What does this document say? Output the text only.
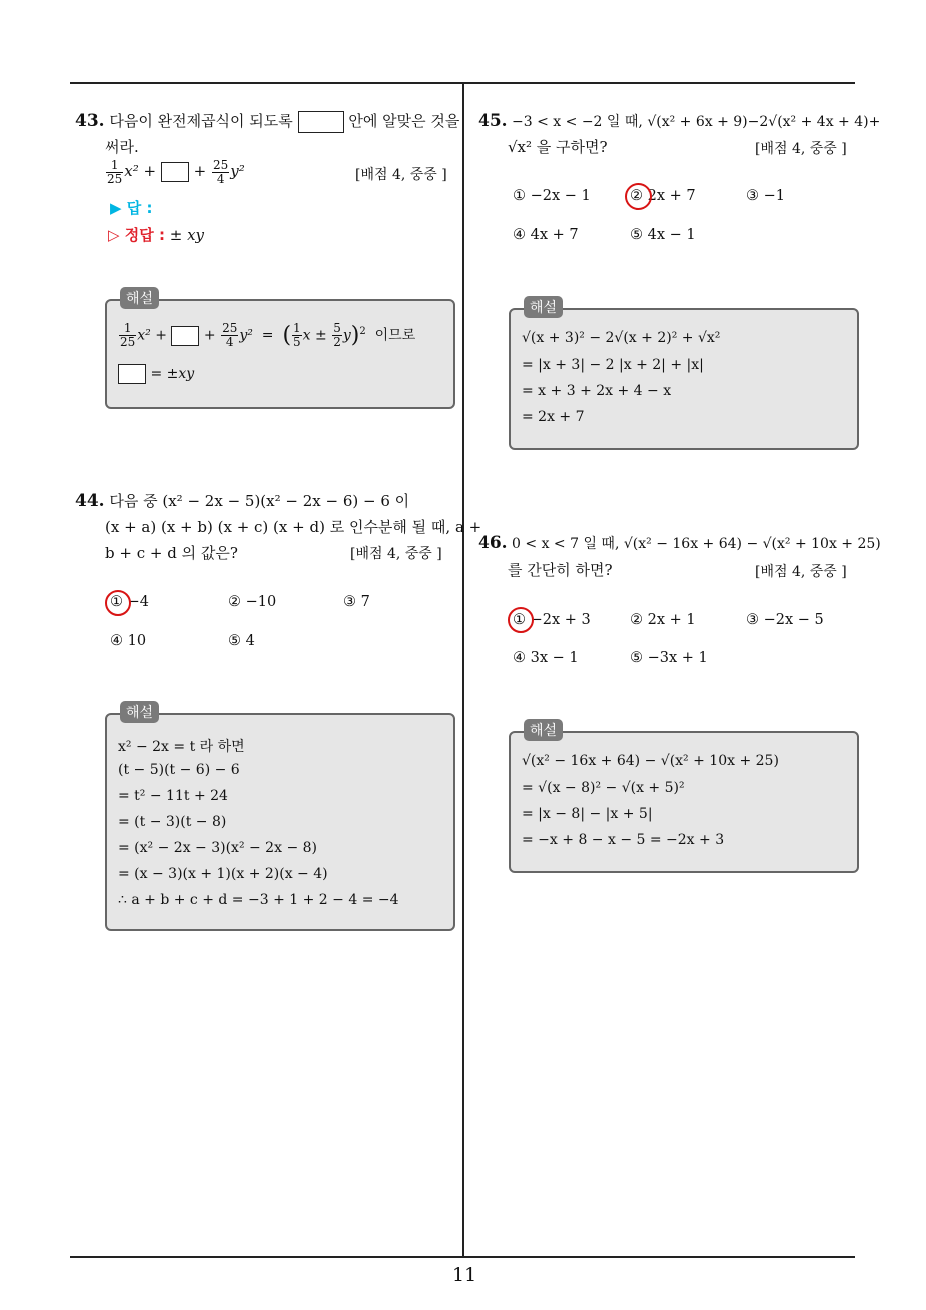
11
43. 다음이 완전제곱식이 되도록	안에 알맞은 것을
써라.
$\frac{1}{25} x^2$ +	+ $\frac{25}{4} y^2$	[배점 4, 중중 ]
▶ 답 :
▷ 정답 : ± xy
해설
$\frac{1}{25} x^2$ +  + $\frac{25}{4} y^2$ = ( $\frac{1}{5}$ $x \pm \frac{5}{2} y)^2$ 이므로
= ±xy
44. 다음 중 (x² − 2x − 5)(x² − 2x − 6) − 6 이
(x + a) (x + b) (x + c) (x + d) 로 인수분해 될 때, a +
b + c + d 의 값은?	[배점 4, 중중 ]
① −4	② −10	③ 7
④ 10	⑤ 4
해설
x² − 2x = t 라 하면
(t − 5)(t − 6) − 6
= t² − 11t + 24
= (t − 3)(t − 8)
= (x² − 2x − 3)(x² − 2x − 8)
= (x − 3)(x + 1)(x + 2)(x − 4)
∴ a + b + c + d = −3 + 1 + 2 − 4 = −4
45. −3 < x < −2 일 때, √(x² + 6x + 9)−2√(x² + 4x + 4)+
√x² 을 구하면?	[배점 4, 중중 ]
① −2x − 1	② 2x + 7	③ −1
④ 4x + 7	⑤ 4x − 1
해설
√(x + 3)² − 2√(x + 2)² + √x²
= |x + 3| − 2 |x + 2| + |x|
= x + 3 + 2x + 4 − x
= 2x + 7
46. 0 < x < 7 일 때, √(x² − 16x + 64) − √(x² + 10x + 25)
를 간단히 하면?	[배점 4, 중중 ]
① −2x + 3	② 2x + 1	③ −2x − 5
④ 3x − 1	⑤ −3x + 1
해설
√(x² − 16x + 64) − √(x² + 10x + 25)
= √(x − 8)² − √(x + 5)²
= |x − 8| − |x + 5|
= −x + 8 − x − 5 = −2x + 3
